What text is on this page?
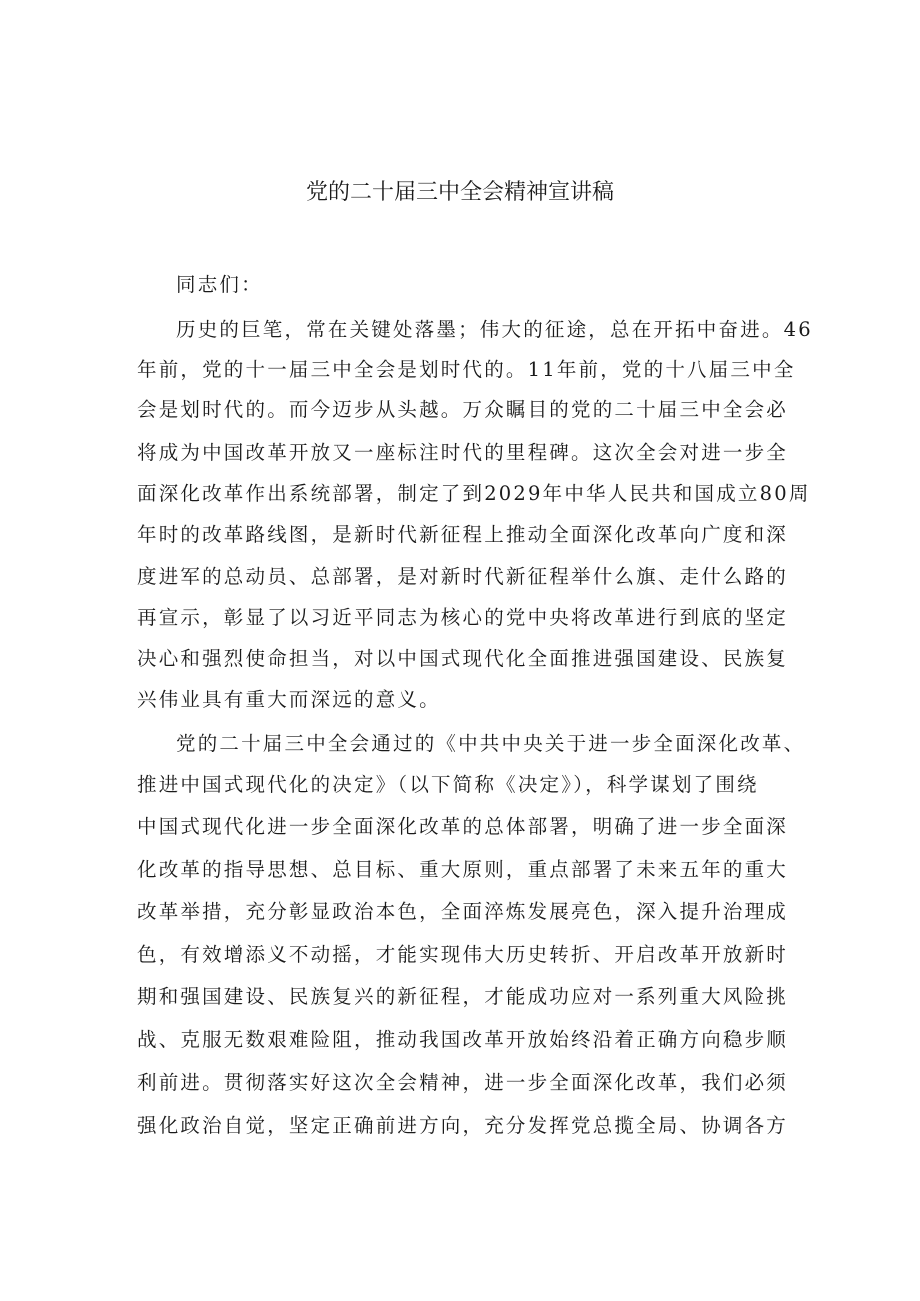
党的二十届三中全会精神宣讲稿
同志们：
历史的巨笔，常在关键处落墨；伟大的征途，总在开拓中奋进。46
年前，党的十一届三中全会是划时代的。11年前，党的十八届三中全
会是划时代的。而今迈步从头越。万众瞩目的党的二十届三中全会必
将成为中国改革开放又一座标注时代的里程碑。这次全会对进一步全
面深化改革作出系统部署，制定了到2029年中华人民共和国成立80周
年时的改革路线图，是新时代新征程上推动全面深化改革向广度和深
度进军的总动员、总部署，是对新时代新征程举什么旗、走什么路的
再宣示，彰显了以习近平同志为核心的党中央将改革进行到底的坚定
决心和强烈使命担当，对以中国式现代化全面推进强国建设、民族复
兴伟业具有重大而深远的意义。
党的二十届三中全会通过的《中共中央关于进一步全面深化改革、
推进中国式现代化的决定》（以下简称《决定》），科学谋划了围绕
中国式现代化进一步全面深化改革的总体部署，明确了进一步全面深
化改革的指导思想、总目标、重大原则，重点部署了未来五年的重大
改革举措，充分彰显政治本色，全面淬炼发展亮色，深入提升治理成
色，有效增添义不动摇，才能实现伟大历史转折、开启改革开放新时
期和强国建设、民族复兴的新征程，才能成功应对一系列重大风险挑
战、克服无数艰难险阻，推动我国改革开放始终沿着正确方向稳步顺
利前进。贯彻落实好这次全会精神，进一步全面深化改革，我们必须
强化政治自觉，坚定正确前进方向，充分发挥党总揽全局、协调各方
